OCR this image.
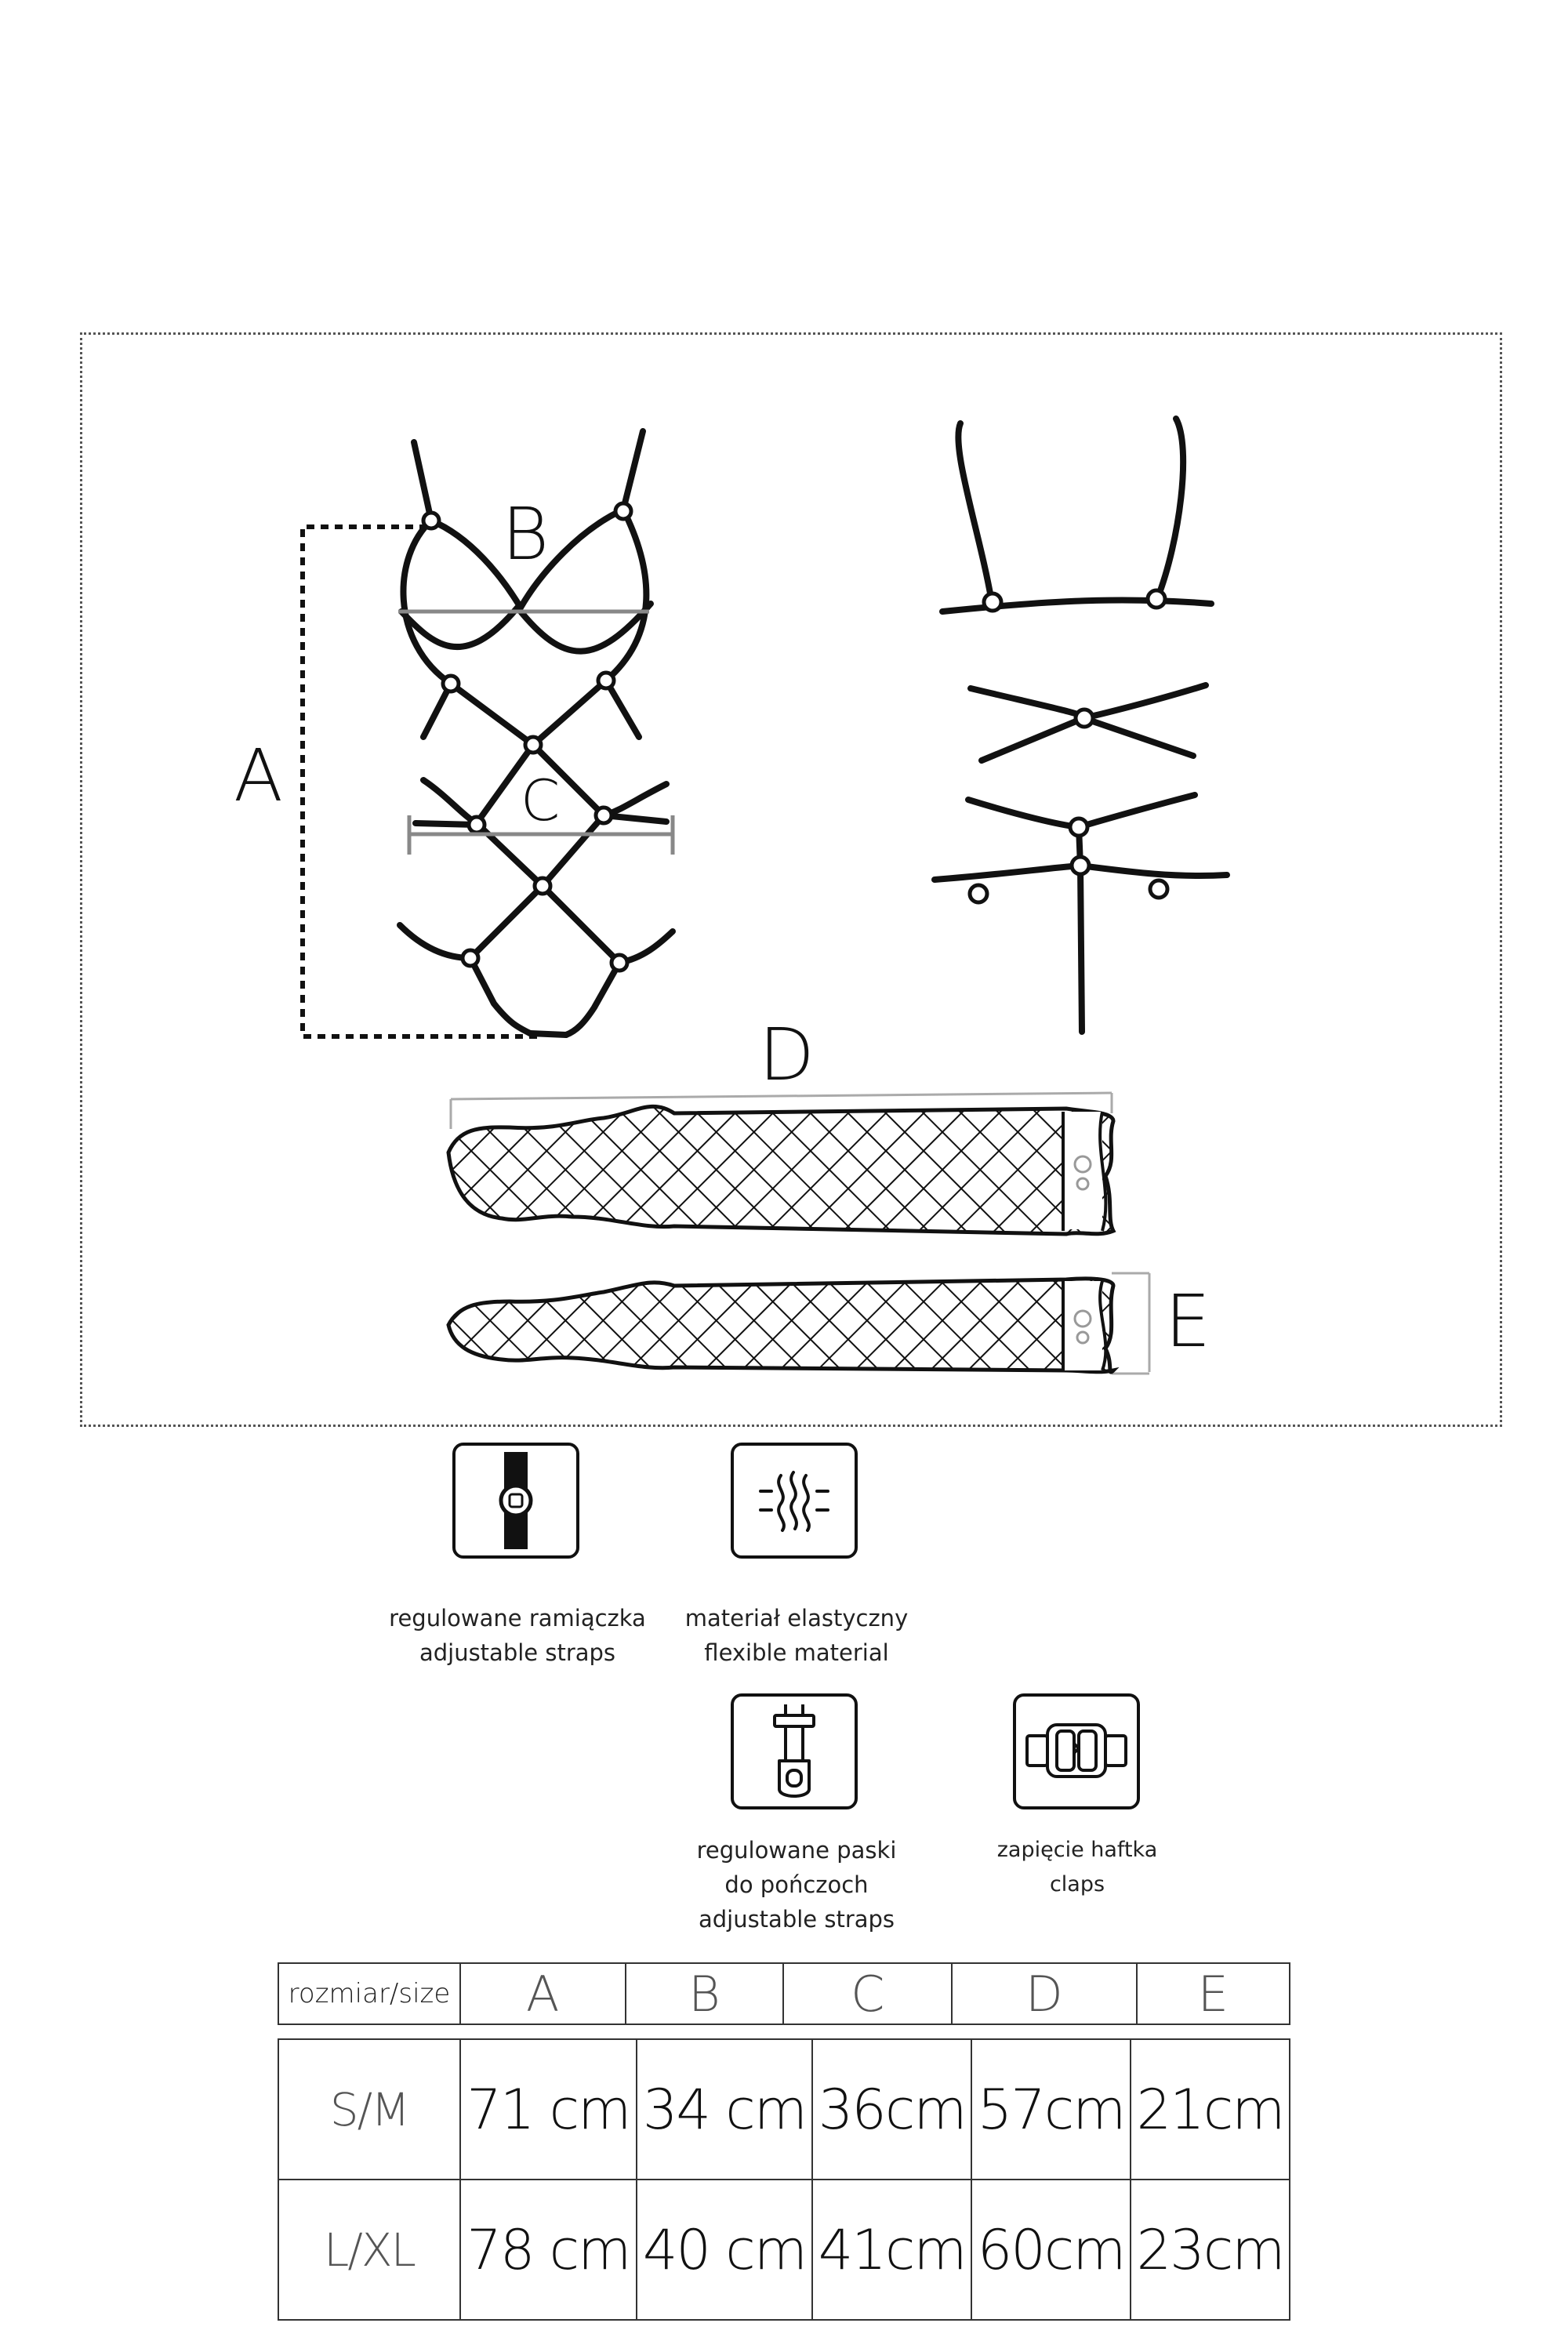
A
B
C
D
E
regulowane ramiączka
adjustable straps
materiał elastyczny
flexible material
regulowane paski
do pończoch
adjustable straps
zapięcie haftka
claps
rozmiar/size	A	B	C	D	E
S/M	71 cm	34 cm	36cm	57cm	21cm
L/XL	78 cm	40 cm	41cm	60cm	23cm
